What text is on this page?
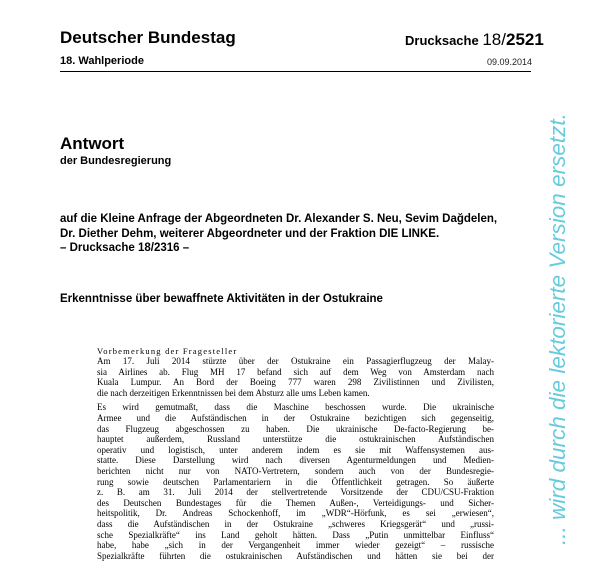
Deutscher Bundestag
18. Wahlperiode
Drucksache 18/2521
09.09.2014
Antwort
der Bundesregierung
auf die Kleine Anfrage der Abgeordneten Dr. Alexander S. Neu, Sevim Dağdelen,
Dr. Diether Dehm, weiterer Abgeordneter und der Fraktion DIE LINKE.
– Drucksache 18/2316 –
Erkenntnisse über bewaffnete Aktivitäten in der Ostukraine
Vorbemerkung der Fragesteller
Am 17. Juli 2014 stürzte über der Ostukraine ein Passagierflugzeug der Malay-
sia Airlines ab. Flug MH 17 befand sich auf dem Weg von Amsterdam nach
Kuala Lumpur. An Bord der Boeing 777 waren 298 Zivilistinnen und Zivilisten,
die nach derzeitigen Erkenntnissen bei dem Absturz alle ums Leben kamen.
Es wird gemutmaßt, dass die Maschine beschossen wurde. Die ukrainische
Armee und die Aufständischen in der Ostukraine bezichtigen sich gegenseitig,
das Flugzeug abgeschossen zu haben. Die ukrainische De-facto-Regierung be-
hauptet außerdem, Russland unterstütze die ostukrainischen Aufständischen
operativ und logistisch, unter anderem indem es sie mit Waffensystemen aus-
statte. Diese Darstellung wird nach diversen Agenturmeldungen und Medien-
berichten nicht nur von NATO-Vertretern, sondern auch von der Bundesregie-
rung sowie deutschen Parlamentariern in die Öffentlichkeit getragen. So äußerte
z. B. am 31. Juli 2014 der stellvertretende Vorsitzende der CDU/CSU-Fraktion
des Deutschen Bundestages für die Themen Außen-, Verteidigungs- und Sicher-
heitspolitik, Dr. Andreas Schockenhoff, im „WDR“-Hörfunk, es sei „erwiesen“,
dass die Aufständischen in der Ostukraine „schweres Kriegsgerät“ und „russi-
sche Spezialkräfte“ ins Land geholt hätten. Dass „Putin unmittelbar Einfluss“
habe, habe „sich in der Vergangenheit immer wieder gezeigt“ – russische
Spezialkräfte führten die ostukrainischen Aufständischen und hätten sie bei der
... wird durch die lektorierte Version ersetzt.
